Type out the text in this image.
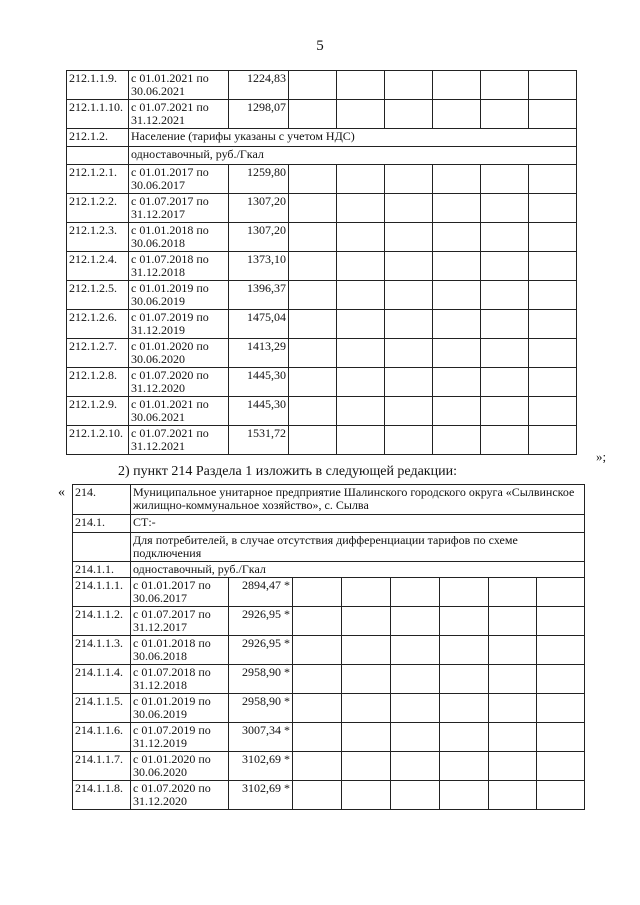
5
212.1.1.9.	с 01.01.2021 по 30.06.2021	1224,83						
212.1.1.10.	с 01.07.2021 по 31.12.2021	1298,07						
212.1.2.	Население (тарифы указаны с учетом НДС)							
	одноставочный, руб./Гкал							
212.1.2.1.	с 01.01.2017 по 30.06.2017	1259,80						
212.1.2.2.	с 01.07.2017 по 31.12.2017	1307,20						
212.1.2.3.	с 01.01.2018 по 30.06.2018	1307,20						
212.1.2.4.	с 01.07.2018 по 31.12.2018	1373,10						
212.1.2.5.	с 01.01.2019 по 30.06.2019	1396,37						
212.1.2.6.	с 01.07.2019 по 31.12.2019	1475,04						
212.1.2.7.	с 01.01.2020 по 30.06.2020	1413,29						
212.1.2.8.	с 01.07.2020 по 31.12.2020	1445,30						
212.1.2.9.	с 01.01.2021 по 30.06.2021	1445,30						
212.1.2.10.	с 01.07.2021 по 31.12.2021	1531,72						
»;
2) пункт 214 Раздела 1 изложить в следующей редакции:
« 214.	Муниципальное унитарное предприятие Шалинского городского округа «Сылвинское жилищно-коммунальное хозяйство», с. Сылва							
214.1.	СТ:-							
	Для потребителей, в случае отсутствия дифференциации тарифов по схеме подключения							
214.1.1.	одноставочный, руб./Гкал							
214.1.1.1.	с 01.01.2017 по 30.06.2017	2894,47 *						
214.1.1.2.	с 01.07.2017 по 31.12.2017	2926,95 *						
214.1.1.3.	с 01.01.2018 по 30.06.2018	2926,95 *						
214.1.1.4.	с 01.07.2018 по 31.12.2018	2958,90 *						
214.1.1.5.	с 01.01.2019 по 30.06.2019	2958,90 *						
214.1.1.6.	с 01.07.2019 по 31.12.2019	3007,34 *						
214.1.1.7.	с 01.01.2020 по 30.06.2020	3102,69 *						
214.1.1.8.	с 01.07.2020 по 31.12.2020	3102,69 *						
